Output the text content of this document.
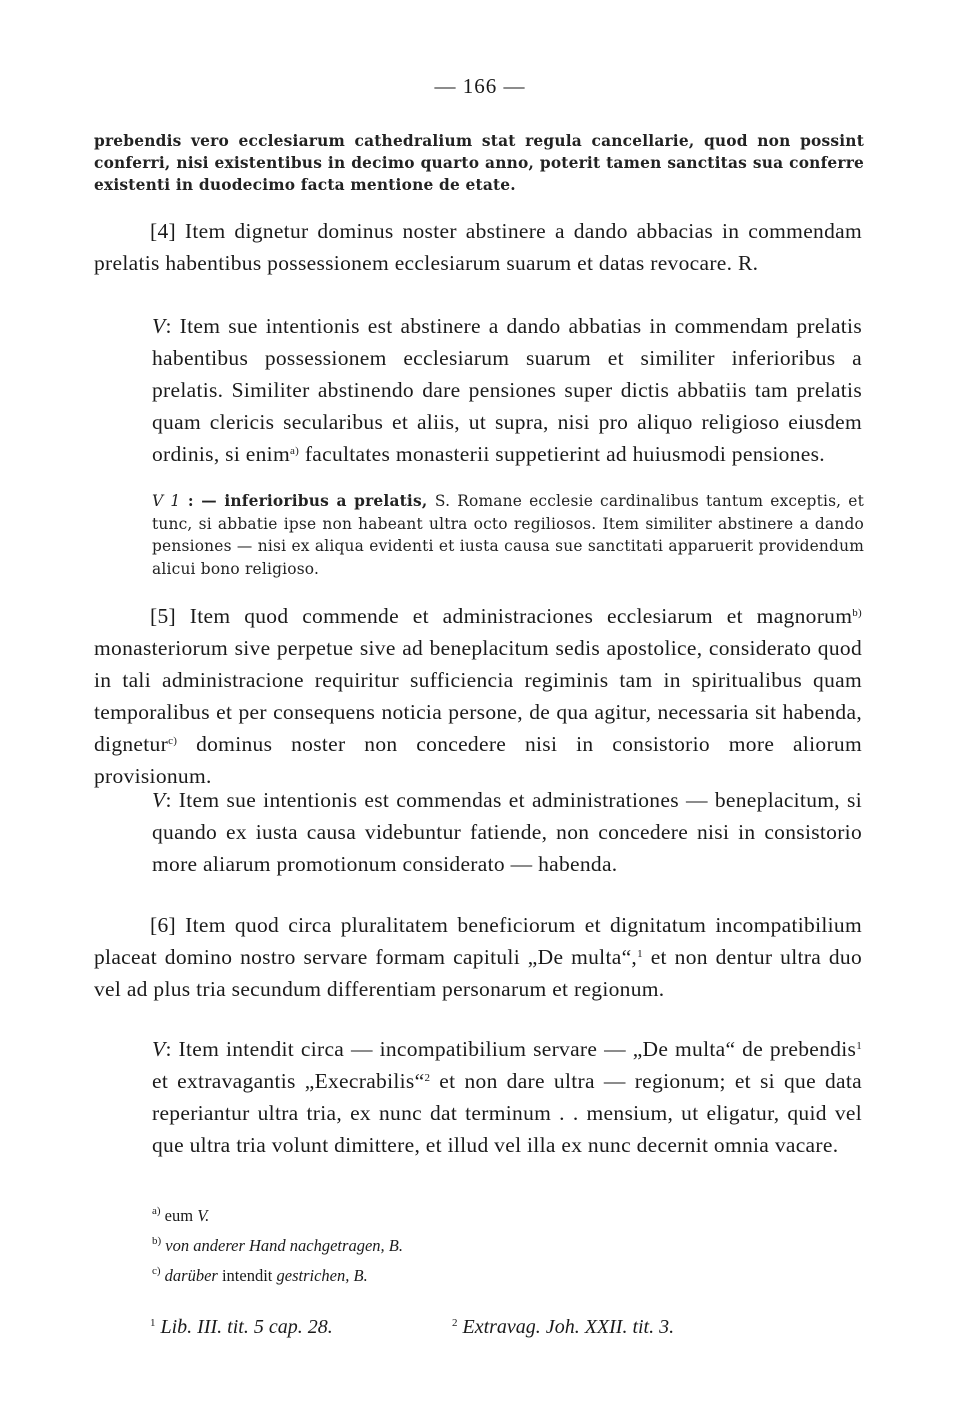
— 166 —

prebendis vero ecclesiarum cathedralium stat regula cancellarie, quod non possint conferri, nisi existentibus in decimo quarto anno, poterit tamen sanctitas sua conferre existenti in duodecimo facta mentione de etate.

[4] Item dignetur dominus noster abstinere a dando abbacias in commendam prelatis habentibus possessionem ecclesiarum suarum et datas revocare. R.

V: Item sue intentionis est abstinere a dando abbatias in commendam prelatis habentibus possessionem ecclesiarum suarum et similiter inferioribus a prelatis. Similiter abstinendo dare pensiones super dictis abbatiis tam prelatis quam clericis secularibus et aliis, ut supra, nisi pro aliquo religioso eiusdem ordinis, si enim$^{a)}$ facultates monasterii suppetierint ad huiusmodi pensiones.

V 1 : — inferioribus a prelatis, S. Romane ecclesie cardinalibus tantum exceptis, et tunc, si abbatie ipse non habeant ultra octo regiliosos. Item similiter abstinere a dando pensiones — nisi ex aliqua evidenti et iusta causa sue sanctitati apparuerit providendum alicui bono religioso.

[5] Item quod commende et administraciones ecclesiarum et magnorum$^{b)}$ monasteriorum sive perpetue sive ad beneplacitum sedis apostolice, considerato quod in tali administracione requiritur sufficiencia regiminis tam in spiritualibus quam temporalibus et per consequens noticia persone, de qua agitur, necessaria sit habenda, dignetur$^{c)}$ dominus noster non concedere nisi in consistorio more aliorum provisionum.

V: Item sue intentionis est commendas et administrationes — beneplacitum, si quando ex iusta causa videbuntur fatiende, non concedere nisi in consistorio more aliarum promotionum considerato — habenda.

[6] Item quod circa pluralitatem beneficiorum et dignitatum incompatibilium placeat domino nostro servare formam capituli „De multa“,$^1$ et non dentur ultra duo vel ad plus tria secundum differentiam personarum et regionum.

V: Item intendit circa — incompatibilium servare — „De multa“ de prebendis$^1$ et extravagantis „Execrabilis“$^2$ et non dare ultra — regionum; et si que data reperiantur ultra tria, ex nunc dat terminum . . mensium, ut eligatur, quid vel que ultra tria volunt dimittere, et illud vel illa ex nunc decernit omnia vacare.

$^{a)}$ eum V.
$^{b)}$ von anderer Hand nachgetragen, B.
$^{c)}$ darüber intendit gestrichen, B.
$^1$ Lib. III. tit. 5 cap. 28.	$^2$ Extravag. Joh. XXII. tit. 3.
